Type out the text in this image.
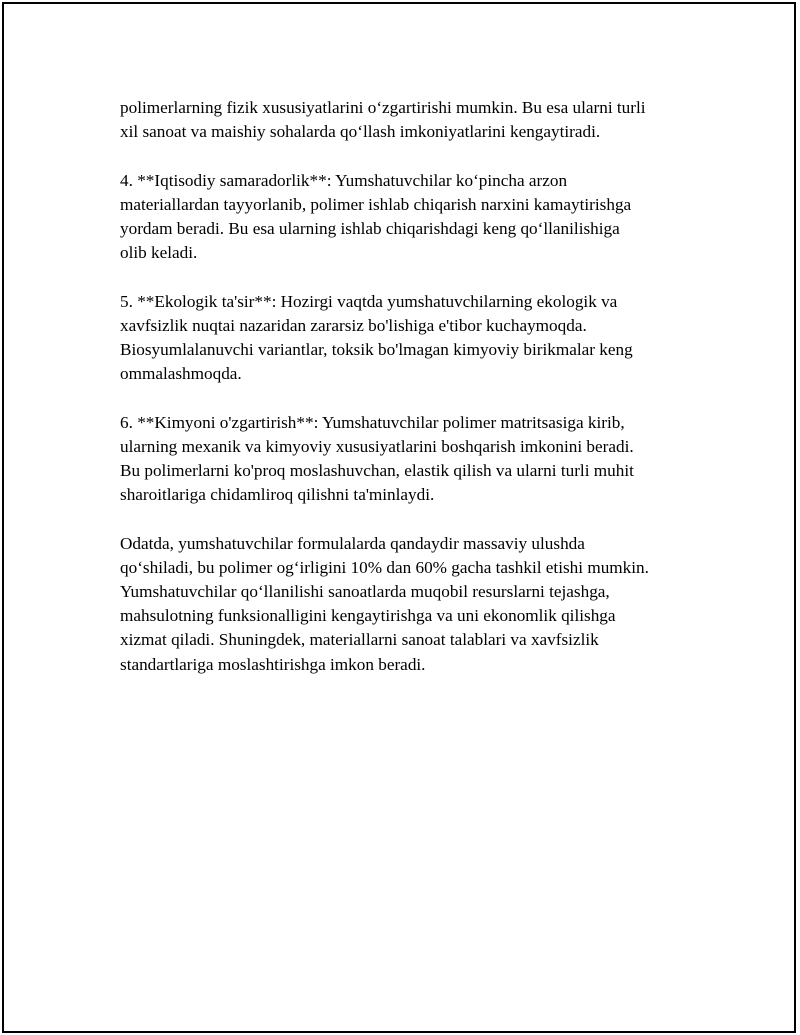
polimerlarning fizik xususiyatlarini o‘zgartirishi mumkin. Bu esa ularni turli
xil sanoat va maishiy sohalarda qo‘llash imkoniyatlarini kengaytiradi.

4. **Iqtisodiy samaradorlik**: Yumshatuvchilar ko‘pincha arzon
materiallardan tayyorlanib, polimer ishlab chiqarish narxini kamaytirishga
yordam beradi. Bu esa ularning ishlab chiqarishdagi keng qo‘llanilishiga
olib keladi.

5. **Ekologik ta'sir**: Hozirgi vaqtda yumshatuvchilarning ekologik va
xavfsizlik nuqtai nazaridan zararsiz bo'lishiga e'tibor kuchaymoqda.
Biosyumlalanuvchi variantlar, toksik bo'lmagan kimyoviy birikmalar keng
ommalashmoqda.

6. **Kimyoni o'zgartirish**: Yumshatuvchilar polimer matritsasiga kirib,
ularning mexanik va kimyoviy xususiyatlarini boshqarish imkonini beradi.
Bu polimerlarni ko'proq moslashuvchan, elastik qilish va ularni turli muhit
sharoitlariga chidamliroq qilishni ta'minlaydi.

Odatda, yumshatuvchilar formulalarda qandaydir massaviy ulushda
qo‘shiladi, bu polimer og‘irligini 10% dan 60% gacha tashkil etishi mumkin.
Yumshatuvchilar qo‘llanilishi sanoatlarda muqobil resurslarni tejashga,
mahsulotning funksionalligini kengaytirishga va uni ekonomlik qilishga
xizmat qiladi. Shuningdek, materiallarni sanoat talablari va xavfsizlik
standartlariga moslashtirishga imkon beradi.
